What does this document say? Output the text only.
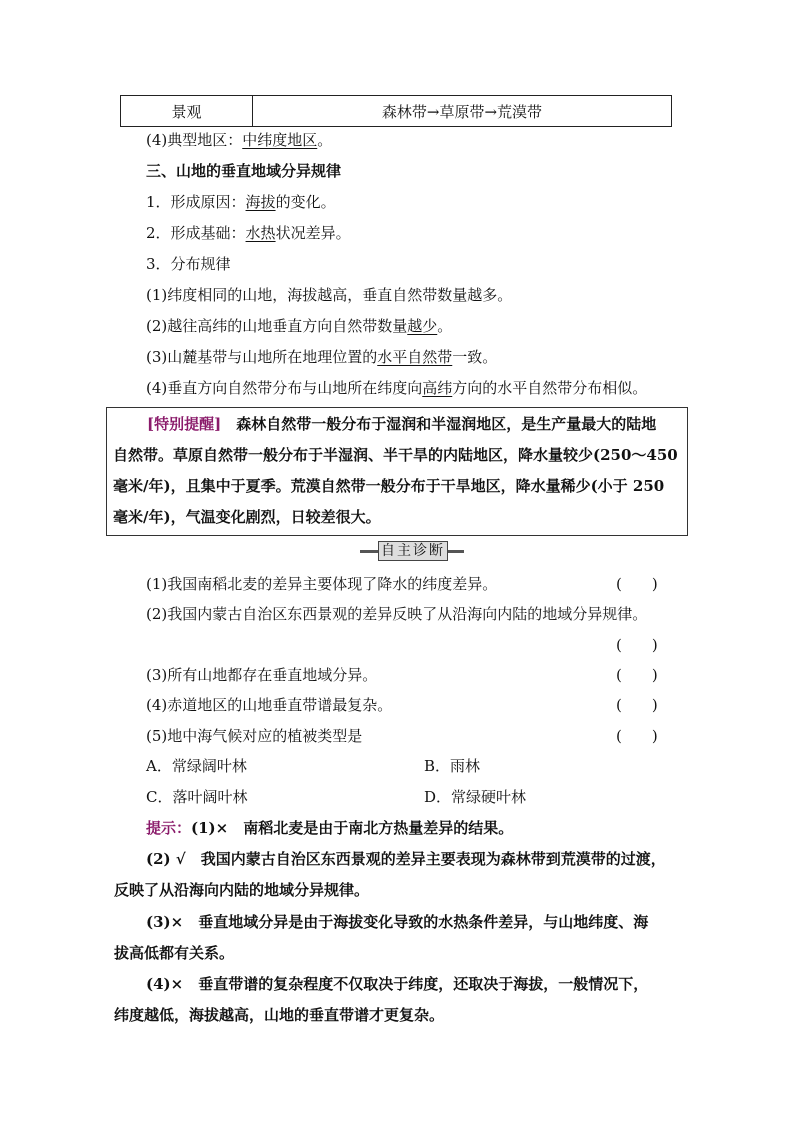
景观	森林带→草原带→荒漠带
(4)典型地区：中纬度地区。
三、山地的垂直地域分异规律
1．形成原因：海拔的变化。
2．形成基础：水热状况差异。
3．分布规律
(1)纬度相同的山地，海拔越高，垂直自然带数量越多。
(2)越往高纬的山地垂直方向自然带数量越少。
(3)山麓基带与山地所在地理位置的水平自然带一致。
(4)垂直方向自然带分布与山地所在纬度向高纬方向的水平自然带分布相似。
[特别提醒]　森林自然带一般分布于湿润和半湿润地区，是生产量最大的陆地
自然带。草原自然带一般分布于半湿润、半干旱的内陆地区，降水量较少(250～450
毫米/年)，且集中于夏季。荒漠自然带一般分布于干旱地区，降水量稀少(小于 250
毫米/年)，气温变化剧烈，日较差很大。
自主诊断
(1)我国南稻北麦的差异主要体现了降水的纬度差异。	(　　)
(2)我国内蒙古自治区东西景观的差异反映了从沿海向内陆的地域分异规律。
(　　)
(3)所有山地都存在垂直地域分异。	(　　)
(4)赤道地区的山地垂直带谱最复杂。	(　　)
(5)地中海气候对应的植被类型是	(　　)
A．常绿阔叶林	B．雨林
C．落叶阔叶林	D．常绿硬叶林
提示：(1)×　南稻北麦是由于南北方热量差异的结果。
(2) √　我国内蒙古自治区东西景观的差异主要表现为森林带到荒漠带的过渡，
反映了从沿海向内陆的地域分异规律。
(3)×　垂直地域分异是由于海拔变化导致的水热条件差异，与山地纬度、海
拔高低都有关系。
(4)×　垂直带谱的复杂程度不仅取决于纬度，还取决于海拔，一般情况下，
纬度越低，海拔越高，山地的垂直带谱才更复杂。
